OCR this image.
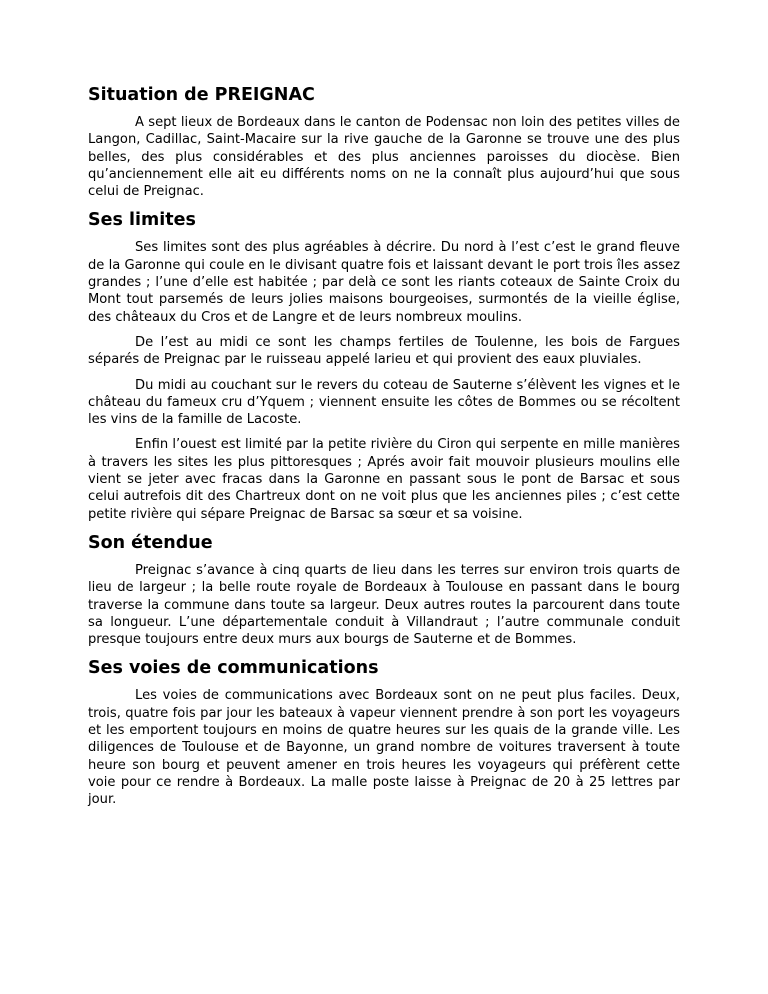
Situation de PREIGNAC

A sept lieux de Bordeaux dans le canton de Podensac non loin des petites villes de Langon, Cadillac, Saint-Macaire sur la rive gauche de la Garonne se trouve une des plus belles, des plus considérables et des plus anciennes paroisses du diocèse. Bien qu’anciennement elle ait eu différents noms on ne la connaît plus aujourd’hui que sous celui de Preignac.

Ses limites

Ses limites sont des plus agréables à décrire. Du nord à l’est c’est le grand fleuve de la Garonne qui coule en le divisant quatre fois et laissant devant le port trois îles assez grandes ; l’une d’elle est habitée ; par delà ce sont les riants coteaux de Sainte Croix du Mont tout parsemés de leurs jolies maisons bourgeoises, surmontés de la vieille église, des châteaux du Cros et de Langre et de leurs nombreux moulins.

De l’est au midi ce sont les champs fertiles de Toulenne, les bois de Fargues séparés de Preignac par le ruisseau appelé larieu et qui provient des eaux pluviales.

Du midi au couchant sur le revers du coteau de Sauterne s’élèvent les vignes et le château du fameux cru d’Yquem ; viennent ensuite les côtes de Bommes ou se récoltent les vins de la famille de Lacoste.

Enfin l’ouest est limité par la petite rivière du Ciron qui serpente en mille manières à travers les sites les plus pittoresques ; Aprés avoir fait mouvoir plusieurs moulins elle vient se jeter avec fracas dans la Garonne en passant sous le pont de Barsac et sous celui autrefois dit des Chartreux dont on ne voit plus que les anciennes piles ; c’est cette petite rivière qui sépare Preignac de Barsac sa sœur et sa voisine.

Son étendue

Preignac s’avance à cinq quarts de lieu dans les terres sur environ trois quarts de lieu de largeur ; la belle route royale de Bordeaux à Toulouse en passant dans le bourg traverse la commune dans toute sa largeur. Deux autres routes la parcourent dans toute sa longueur. L’une départementale conduit à Villandraut ; l’autre communale conduit presque toujours entre deux murs aux bourgs de Sauterne et de Bommes.

Ses voies de communications

Les voies de communications avec Bordeaux sont on ne peut plus faciles. Deux, trois, quatre fois par jour les bateaux à vapeur viennent prendre à son port les voyageurs et les emportent toujours en moins de quatre heures sur les quais de la grande ville. Les diligences de Toulouse et de Bayonne, un grand nombre de voitures traversent à toute heure son bourg et peuvent amener en trois heures les voyageurs qui préfèrent cette voie pour ce rendre à Bordeaux. La malle poste laisse à Preignac de 20 à 25 lettres par jour.
